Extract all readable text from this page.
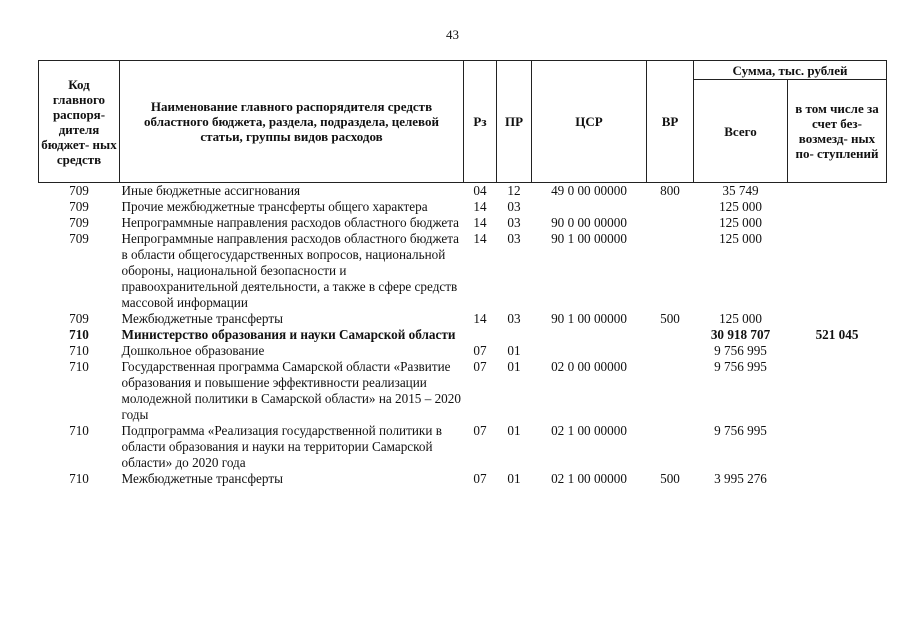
43
Код главного распоря- дителя бюджет- ных средств	Наименование главного распорядителя средств областного бюджета, раздела, подраздела, целевой статьи, группы видов расходов	Рз	ПР	ЦСР	ВР	Сумма, тыс. рублей	
						Всего	в том числе за счет без- возмезд- ных по- ступлений
709	Иные бюджетные ассигнования	04	12	49 0 00 00000	800	35 749	
709	Прочие межбюджетные трансферты общего характера	14	03			125 000	
709	Непрограммные направления расходов областного бюджета	14	03	90 0 00 00000		125 000	
709	Непрограммные направления расходов областного бюджета в области общегосударственных вопросов, национальной обороны, национальной безопасности и правоохранительной деятельности, а также в сфере средств массовой информации	14	03	90 1 00 00000		125 000	
709	Межбюджетные трансферты	14	03	90 1 00 00000	500	125 000	
710	Министерство образования и науки Самарской области					30 918 707	521 045
710	Дошкольное образование	07	01			9 756 995	
710	Государственная программа Самарской области «Развитие образования и повышение эффективности реализации молодежной политики в Самарской области» на 2015 – 2020 годы	07	01	02 0 00 00000		9 756 995	
710	Подпрограмма «Реализация государственной политики в области образования и науки на территории Самарской области» до 2020 года	07	01	02 1 00 00000		9 756 995	
710	Межбюджетные трансферты	07	01	02 1 00 00000	500	3 995 276	
